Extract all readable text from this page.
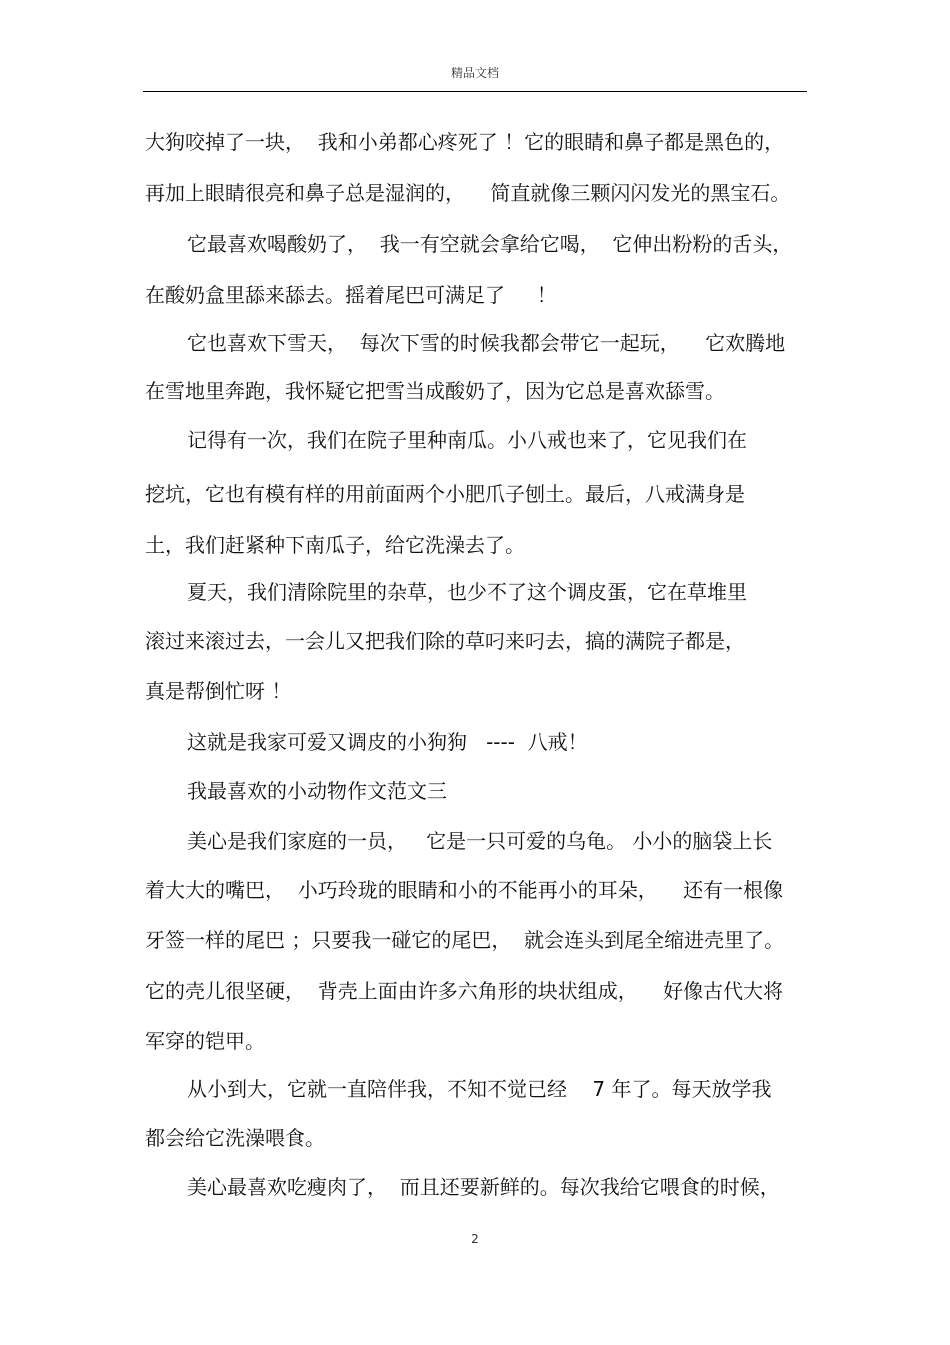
精品文档
大狗咬掉了一块，  我和小弟都心疼死了 ！它的眼睛和鼻子都是黑色的，
再加上眼睛很亮和鼻子总是湿润的，    简直就像三颗闪闪发光的黑宝石。
它最喜欢喝酸奶了，  我一有空就会拿给它喝，  它伸出粉粉的舌头，
在酸奶盒里舔来舔去。摇着尾巴可满足了     ！
它也喜欢下雪天，  每次下雪的时候我都会带它一起玩，    它欢腾地
在雪地里奔跑，我怀疑它把雪当成酸奶了，因为它总是喜欢舔雪。
记得有一次，我们在院子里种南瓜。小八戒也来了，它见我们在
挖坑，它也有模有样的用前面两个小肥爪子刨土。最后，八戒满身是
土，我们赶紧种下南瓜子，给它洗澡去了。
夏天，我们清除院里的杂草，也少不了这个调皮蛋，它在草堆里
滚过来滚过去，一会儿又把我们除的草叼来叼去，搞的满院子都是，
真是帮倒忙呀 ！
这就是我家可爱又调皮的小狗狗   ----  八戒！
我最喜欢的小动物作文范文三
美心是我们家庭的一员，   它是一只可爱的乌龟。 小小的脑袋上长
着大大的嘴巴，  小巧玲珑的眼睛和小的不能再小的耳朵，    还有一根像
牙签一样的尾巴 ；只要我一碰它的尾巴，  就会连头到尾全缩进壳里了。
它的壳儿很坚硬，  背壳上面由许多六角形的块状组成，    好像古代大将
军穿的铠甲。
从小到大，它就一直陪伴我，不知不觉已经    7 年了。每天放学我
都会给它洗澡喂食。
美心最喜欢吃瘦肉了，  而且还要新鲜的。每次我给它喂食的时候，
2
